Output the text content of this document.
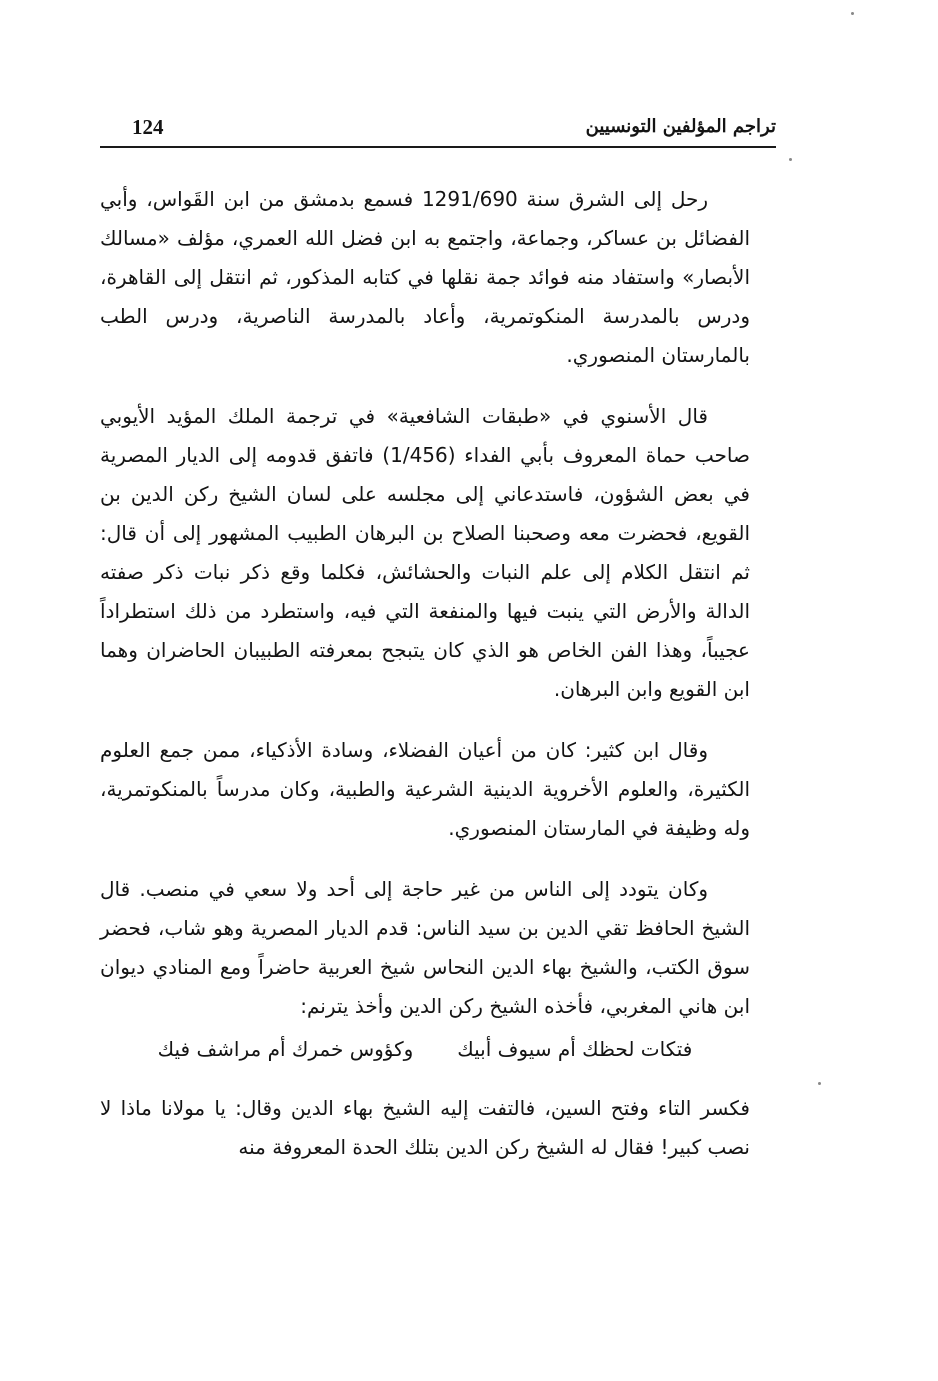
124	تراجم المؤلفين التونسيين

رحل إلى الشرق سنة 1291/690 فسمع بدمشق من ابن القَواس، وأبي الفضائل بن عساكر، وجماعة، واجتمع به ابن فضل الله العمري، مؤلف «مسالك الأبصار» واستفاد منه فوائد جمة نقلها في كتابه المذكور، ثم انتقل إلى القاهرة، ودرس بالمدرسة المنكوتمرية، وأعاد بالمدرسة الناصرية، ودرس الطب بالمارستان المنصوري.

قال الأسنوي في «طبقات الشافعية» في ترجمة الملك المؤيد الأيوبي صاحب حماة المعروف بأبي الفداء (1/456) فاتفق قدومه إلى الديار المصرية في بعض الشؤون، فاستدعاني إلى مجلسه على لسان الشيخ ركن الدين بن القويع، فحضرت معه وصحبنا الصلاح بن البرهان الطبيب المشهور إلى أن قال: ثم انتقل الكلام إلى علم النبات والحشائش، فكلما وقع ذكر نبات ذكر صفته الدالة والأرض التي ينبت فيها والمنفعة التي فيه، واستطرد من ذلك استطراداً عجيباً، وهذا الفن الخاص هو الذي كان يتبجح بمعرفته الطبيبان الحاضران وهما ابن القويع وابن البرهان.

وقال ابن كثير: كان من أعيان الفضلاء، وسادة الأذكياء، ممن جمع العلوم الكثيرة، والعلوم الأخروية الدينية الشرعية والطبية، وكان مدرساً بالمنكوتمرية، وله وظيفة في المارستان المنصوري.

وكان يتودد إلى الناس من غير حاجة إلى أحد ولا سعي في منصب. قال الشيخ الحافظ تقي الدين بن سيد الناس: قدم الديار المصرية وهو شاب، فحضر سوق الكتب، والشيخ بهاء الدين النحاس شيخ العربية حاضراً ومع المنادي ديوان ابن هاني المغربي، فأخذه الشيخ ركن الدين وأخذ يترنم:

فتكات لحظك أم سيوف أبيك
وكؤوس خمرك أم مراشف فيك

فكسر التاء وفتح السين، فالتفت إليه الشيخ بهاء الدين وقال: يا مولانا ماذا لا نصب كبير! فقال له الشيخ ركن الدين بتلك الحدة المعروفة منه
